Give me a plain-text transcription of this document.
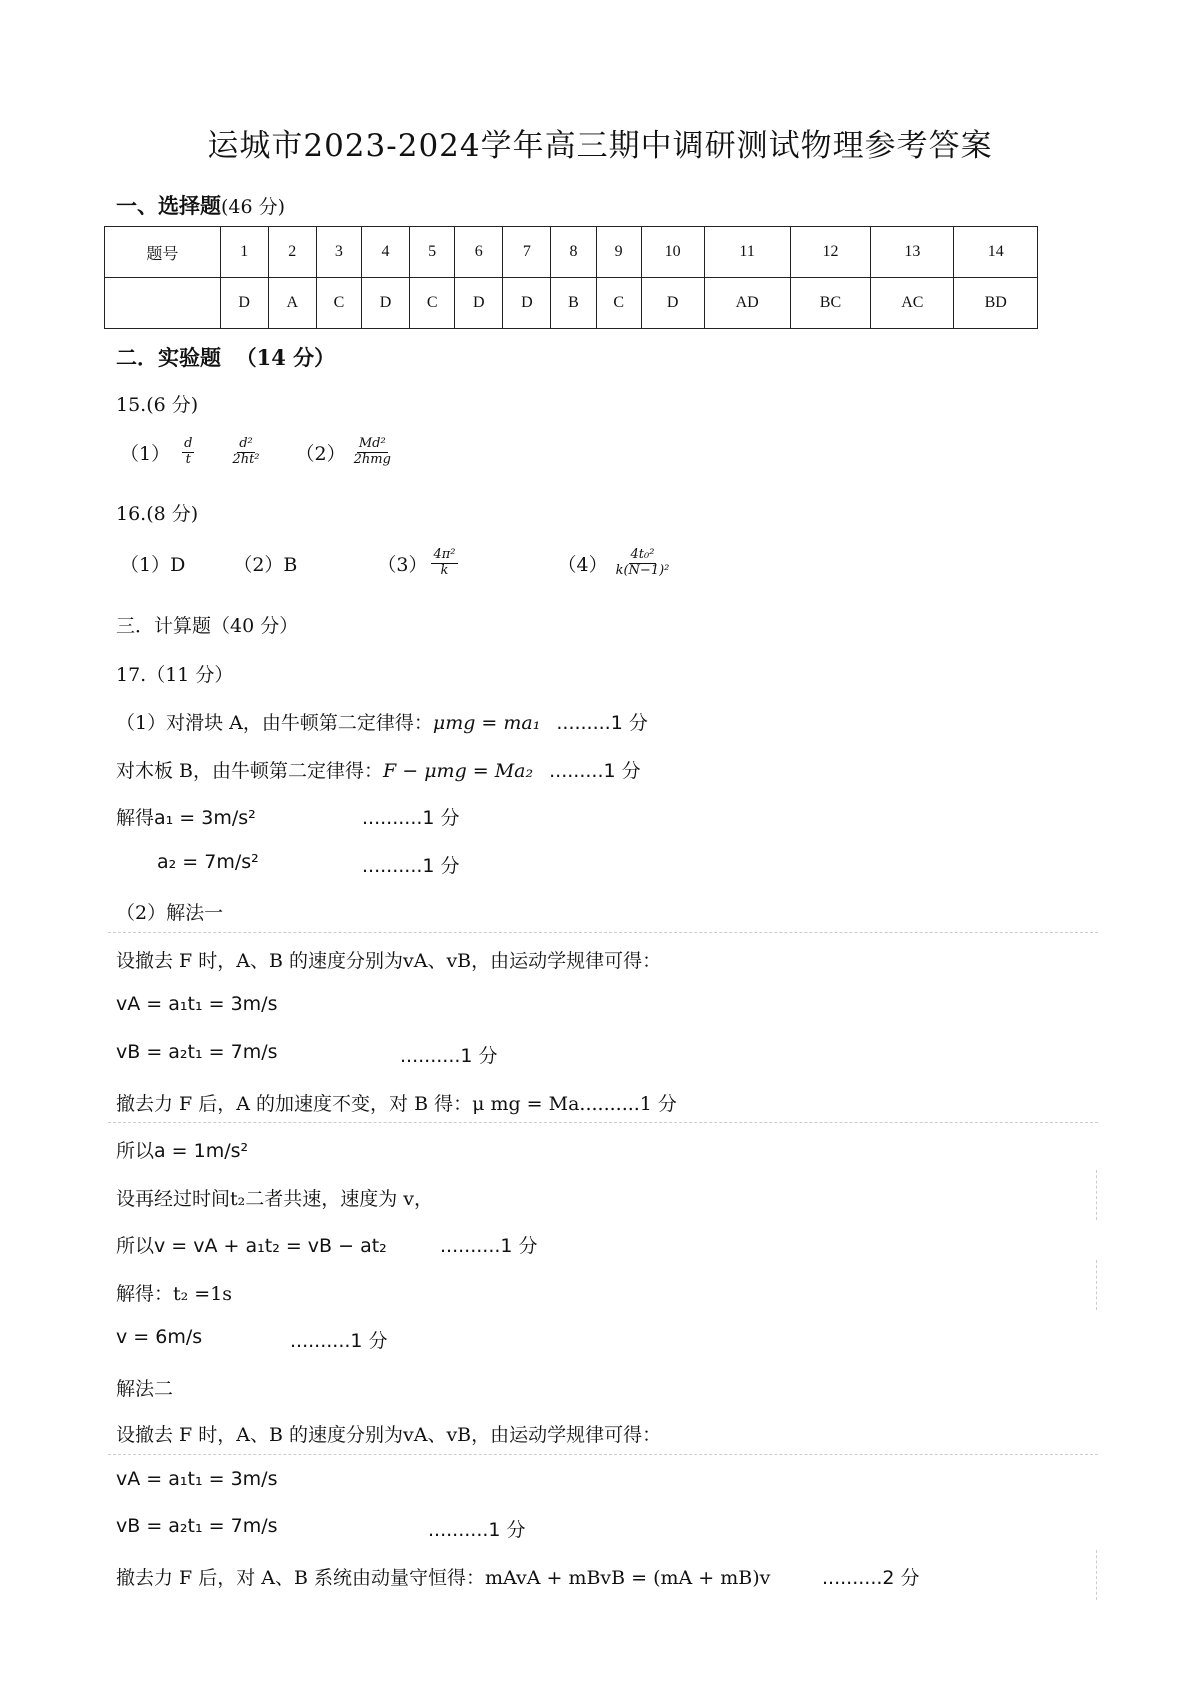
运城市2023-2024学年高三期中调研测试物理参考答案
一、选择题(46 分)
题号	1	2	3	4	5	6	7	8	9	10	11	12	13	14
	D	A	C	D	C	D	D	B	C	D	AD	BC	AC	BD
二．实验题 （14 分）
15.(6 分)
$(1) \frac{d}{t}$	$\frac{\text{d²}}{\text{2ht²}} (2) \frac{\text{Md²}}{\text{2hmg}}$
16.(8 分)
（1）D	（2）B	$(3) \frac{\text{4π²}}{k}$	$(4) \frac{\text{4t₀²}}{\text{k(N−1)²}}$
三．计算题（40 分）
17.（11 分）
（1）对滑块 A，由牛顿第二定律得：μmg = ma₁ .........1 分
对木板 B，由牛顿第二定律得：F − μmg = Ma₂ .........1 分
解得a₁ = 3m/s²	..........1 分
a₂ = 7m/s²	..........1 分
（2）解法一
设撤去 F 时，A、B 的速度分别为vA、vB，由运动学规律可得：
vA = a₁t₁ = 3m/s
vB = a₂t₁ = 7m/s	..........1 分
撤去力 F 后，A 的加速度不变，对 B 得：μ mg = Ma..........1 分
所以a = 1m/s²
设再经过时间t₂二者共速，速度为 v，
所以v = vA + a₁t₂ = vB − at₂	..........1 分
解得：t₂ =1s
v = 6m/s	..........1 分
解法二
设撤去 F 时，A、B 的速度分别为vA、vB，由运动学规律可得：
vA = a₁t₁ = 3m/s
vB = a₂t₁ = 7m/s	..........1 分
撤去力 F 后，对 A、B 系统由动量守恒得：mAvA + mBvB = (mA + mB)v	..........2 分
